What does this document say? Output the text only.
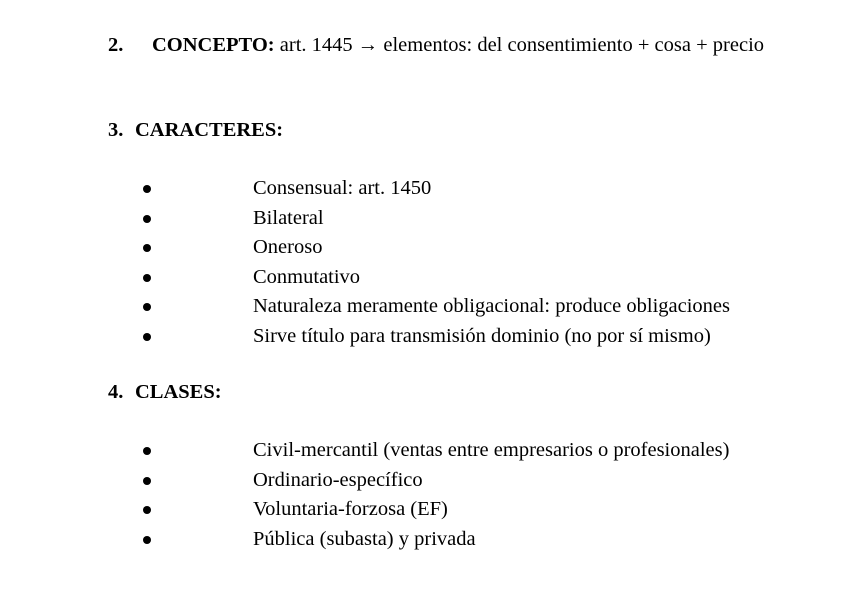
2. CONCEPTO: art. 1445 → elementos: del consentimiento + cosa + precio

3. CARACTERES:
Consensual: art. 1450
Bilateral
Oneroso
Conmutativo
Naturaleza meramente obligacional: produce obligaciones
Sirve título para transmisión dominio (no por sí mismo)
4. CLASES:
Civil-mercantil (ventas entre empresarios o profesionales)
Ordinario-específico
Voluntaria-forzosa (EF)
Pública (subasta) y privada
